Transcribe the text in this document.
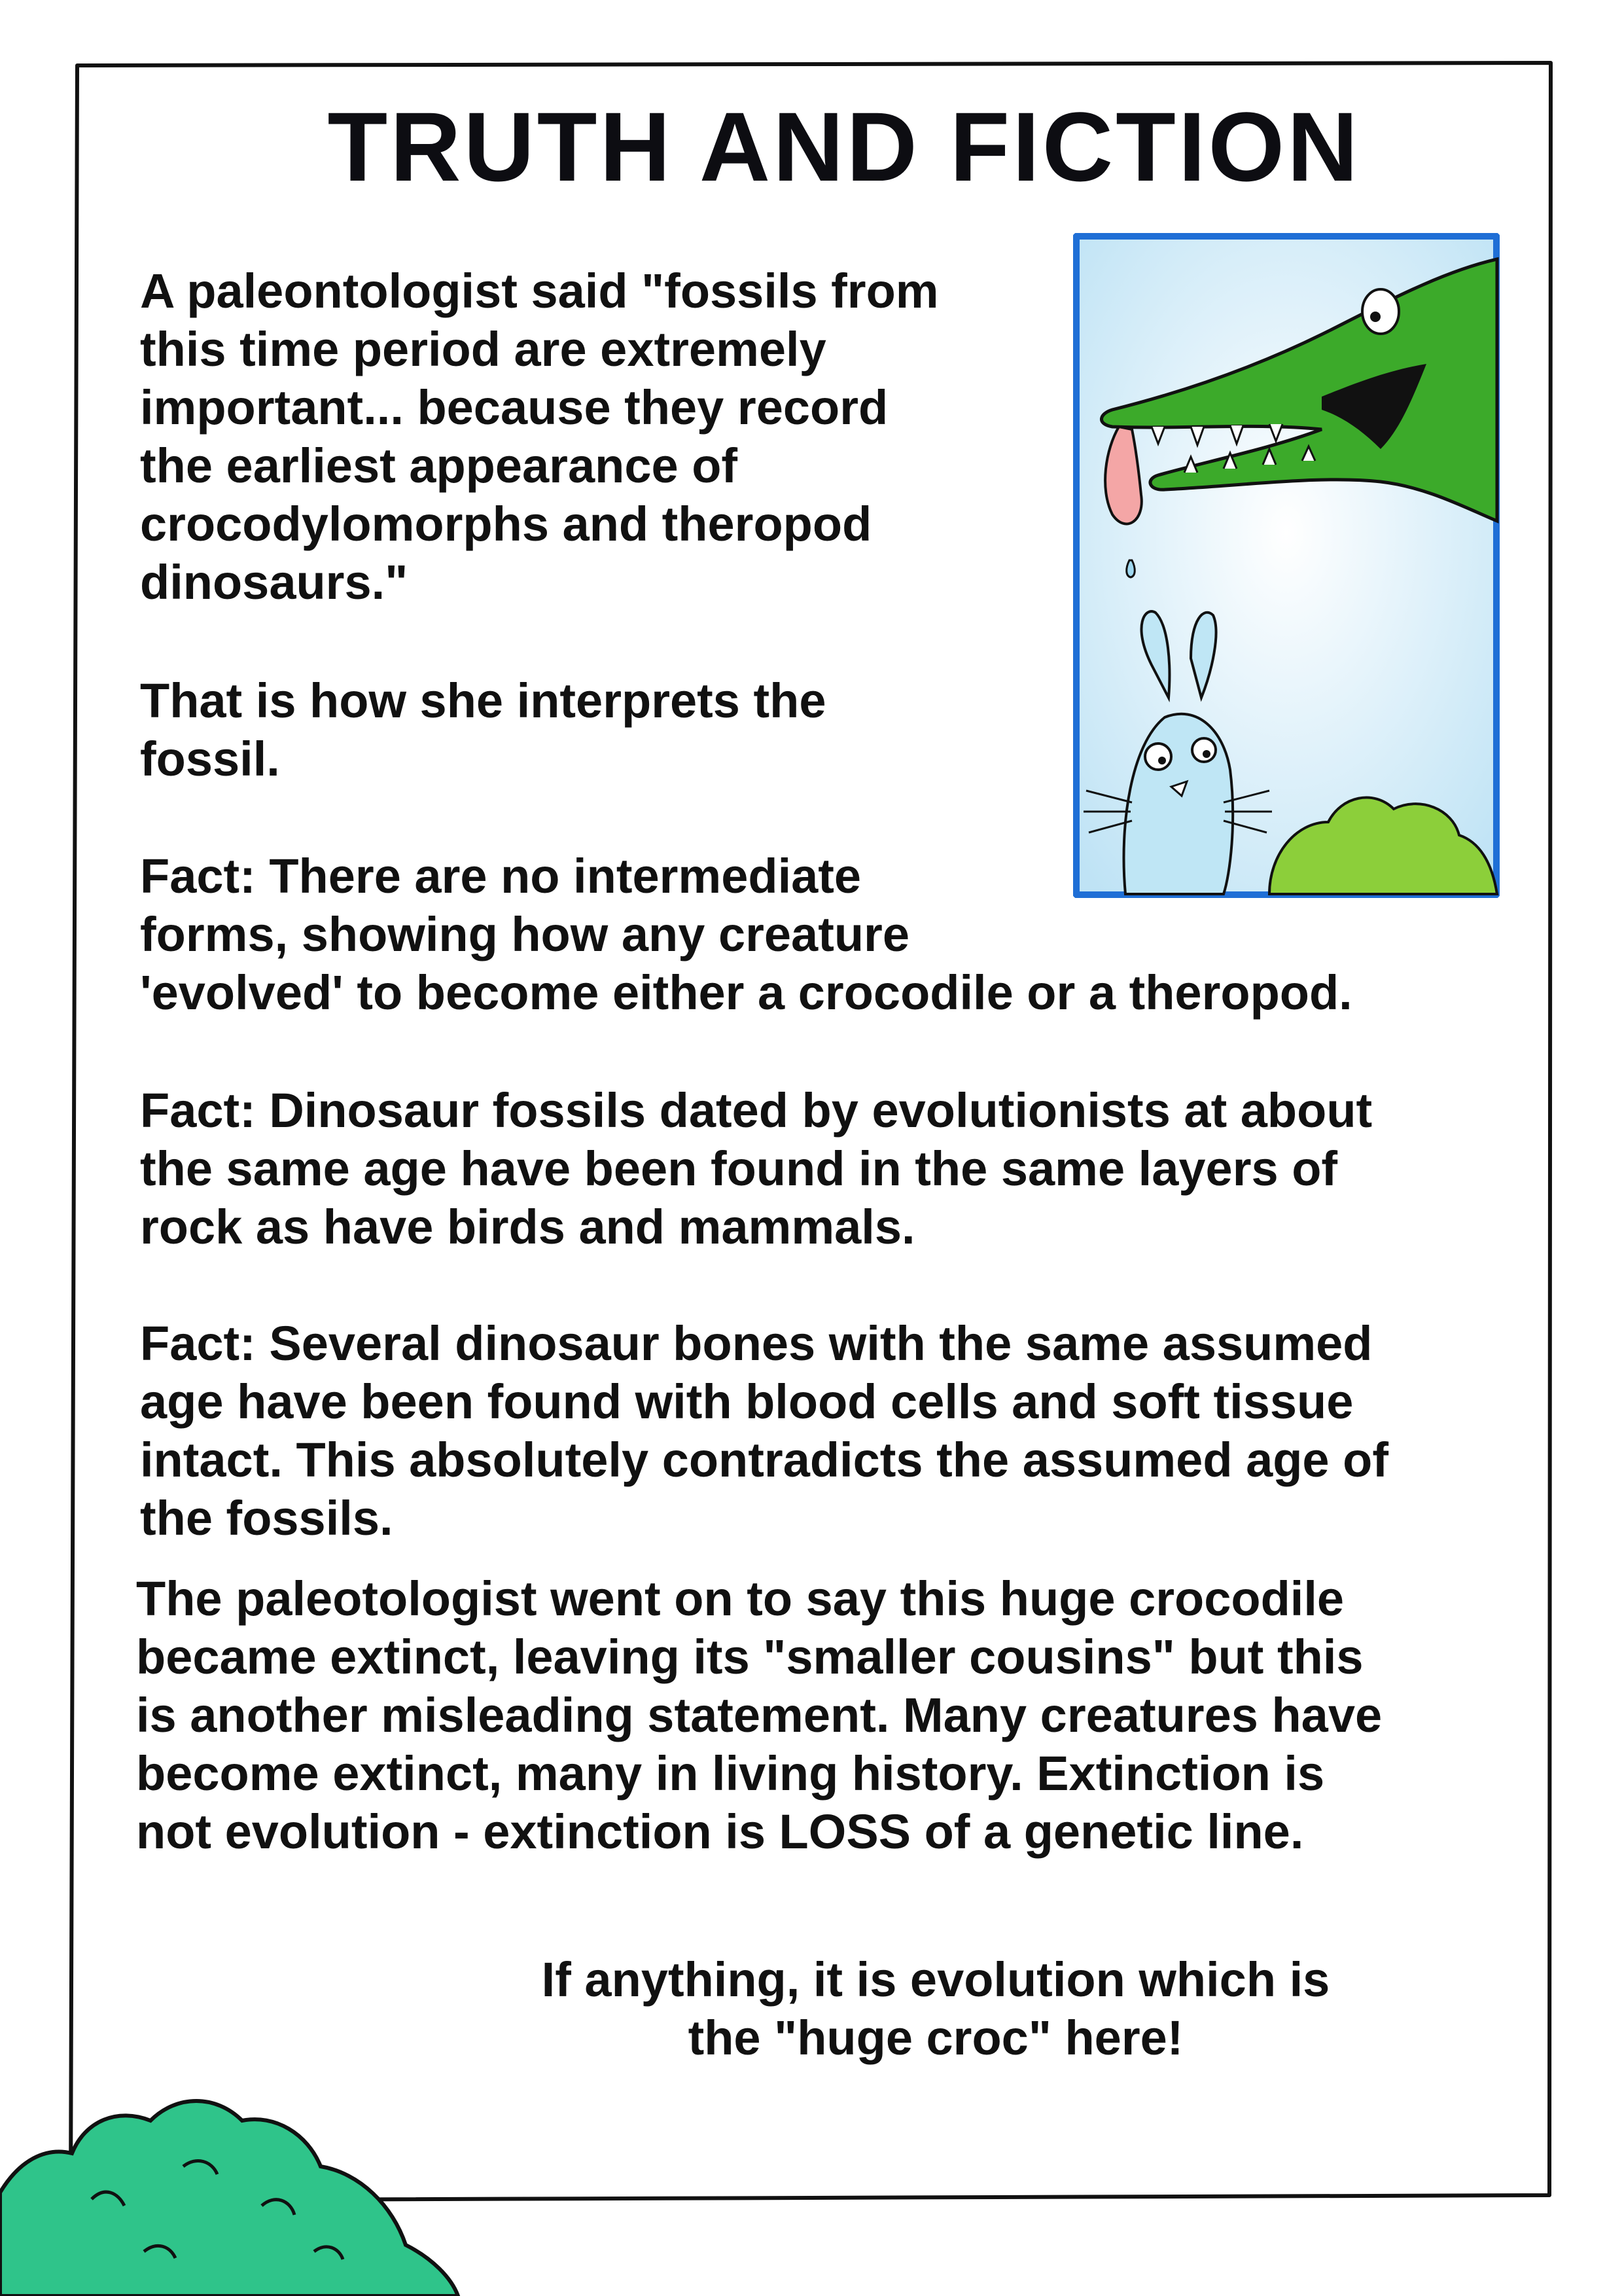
TRUTH AND FICTION

A paleontologist said "fossils from
this time period are extremely
important... because they record
the earliest appearance of
crocodylomorphs and theropod
dinosaurs."

That is how she interprets the
fossil.

Fact: There are no intermediate
forms, showing how any creature
'evolved' to become either a crocodile or a theropod.

Fact: Dinosaur fossils dated by evolutionists at about
the same age have been found in the same layers of
rock as have birds and mammals.

Fact: Several dinosaur bones with the same assumed
age have been found with blood cells and soft tissue
intact. This absolutely contradicts the assumed age of
the fossils.

The paleotologist went on to say this huge crocodile
became extinct, leaving its "smaller cousins" but this
is another misleading statement. Many creatures have
become extinct, many in living history. Extinction is
not evolution - extinction is LOSS of a genetic line.

If anything, it is evolution which is
the "huge croc" here!
